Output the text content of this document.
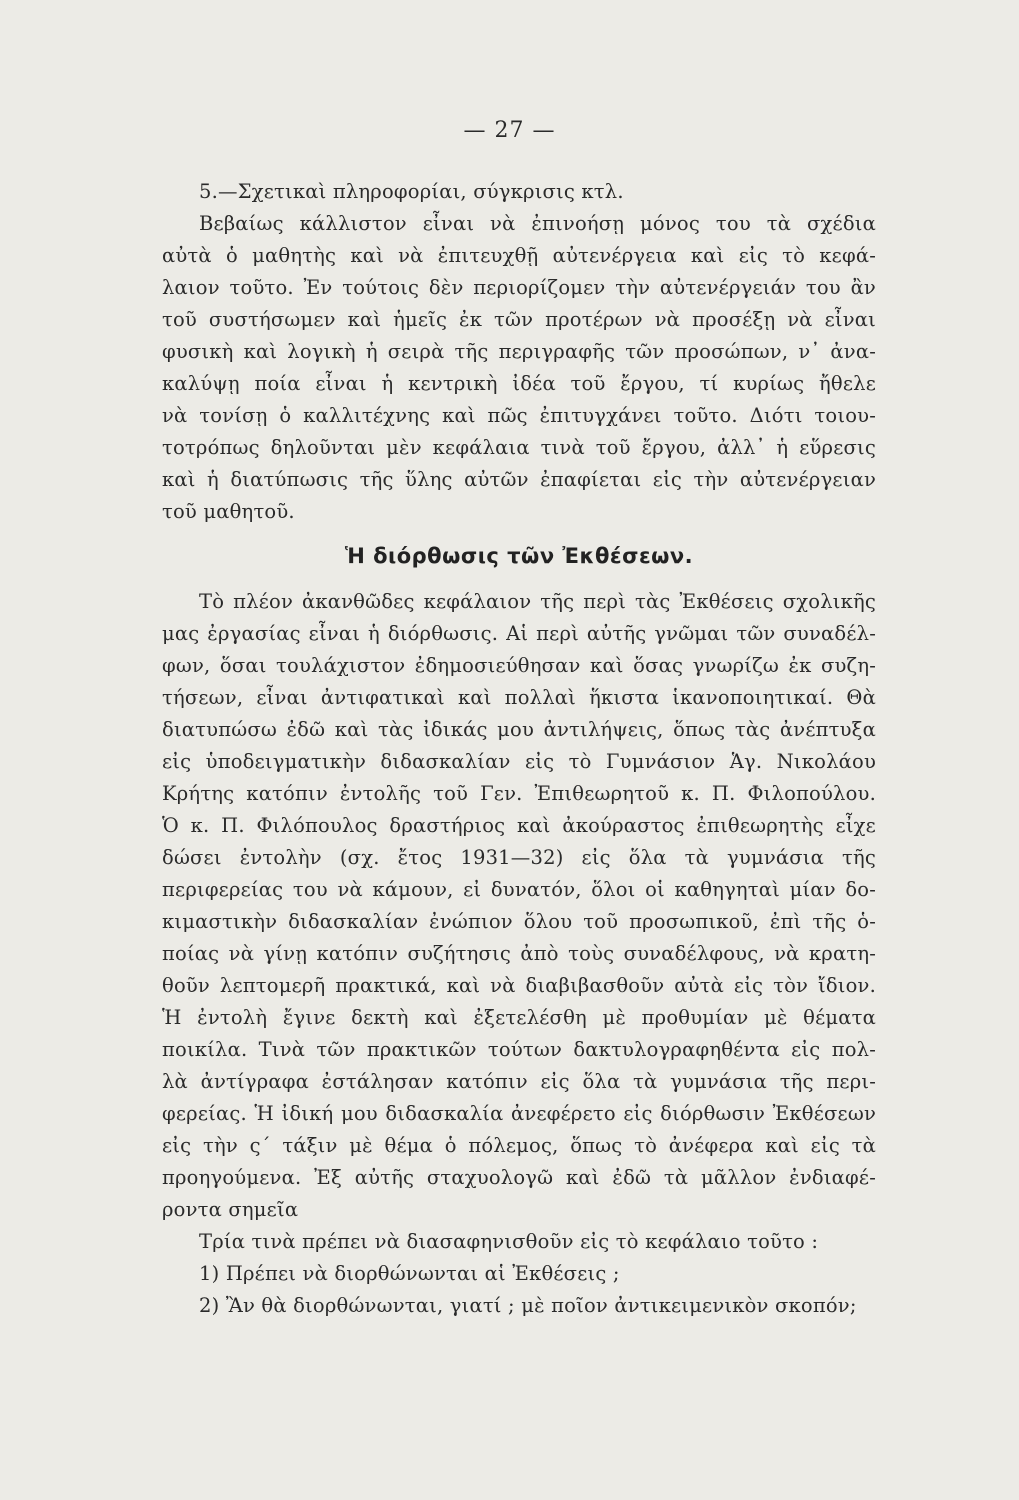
— 27 —
5.—Σχετικαὶ πληροφορίαι, σύγκρισις κτλ.
Βεβαίως κάλλιστον εἶναι νὰ ἐπινοήσῃ μόνος του τὰ σχέδια
αὐτὰ ὁ μαθητὴς καὶ νὰ ἐπιτευχθῇ αὐτενέργεια καὶ εἰς τὸ κεφά-
λαιον τοῦτο. Ἐν τούτοις δὲν περιορίζομεν τὴν αὐτενέργειάν του ἂν
τοῦ συστήσωμεν καὶ ἡμεῖς ἐκ τῶν προτέρων νὰ προσέξῃ νὰ εἶναι
φυσικὴ καὶ λογικὴ ἡ σειρὰ τῆς περιγραφῆς τῶν προσώπων, ν᾽ ἀνα-
καλύψῃ ποία εἶναι ἡ κεντρικὴ ἰδέα τοῦ ἔργου, τί κυρίως ἤθελε
νὰ τονίσῃ ὁ καλλιτέχνης καὶ πῶς ἐπιτυγχάνει τοῦτο. Διότι τοιου-
τοτρόπως δηλοῦνται μὲν κεφάλαια τινὰ τοῦ ἔργου, ἀλλ᾽ ἡ εὕρεσις
καὶ ἡ διατύπωσις τῆς ὕλης αὐτῶν ἐπαφίεται εἰς τὴν αὐτενέργειαν
τοῦ μαθητοῦ.
Ἡ διόρθωσις τῶν Ἐκθέσεων.
Τὸ πλέον ἀκανθῶδες κεφάλαιον τῆς περὶ τὰς Ἐκθέσεις σχολικῆς
μας ἐργασίας εἶναι ἡ διόρθωσις. Αἱ περὶ αὐτῆς γνῶμαι τῶν συναδέλ-
φων, ὅσαι τουλάχιστον ἐδημοσιεύθησαν καὶ ὅσας γνωρίζω ἐκ συζη-
τήσεων, εἶναι ἀντιφατικαὶ καὶ πολλαὶ ἥκιστα ἱκανοποιητικαί. Θὰ
διατυπώσω ἐδῶ καὶ τὰς ἰδικάς μου ἀντιλήψεις, ὅπως τὰς ἀνέπτυξα
εἰς ὑποδειγματικὴν διδασκαλίαν εἰς τὸ Γυμνάσιον Ἁγ. Νικολάου
Κρήτης κατόπιν ἐντολῆς τοῦ Γεν. Ἐπιθεωρητοῦ κ. Π. Φιλοπούλου.
Ὁ κ. Π. Φιλόπουλος δραστήριος καὶ ἀκούραστος ἐπιθεωρητὴς εἶχε
δώσει ἐντολὴν (σχ. ἔτος 1931—32) εἰς ὅλα τὰ γυμνάσια τῆς
περιφερείας του νὰ κάμουν, εἰ δυνατόν, ὅλοι οἱ καθηγηταὶ μίαν δο-
κιμαστικὴν διδασκαλίαν ἐνώπιον ὅλου τοῦ προσωπικοῦ, ἐπὶ τῆς ὁ-
ποίας νὰ γίνῃ κατόπιν συζήτησις ἀπὸ τοὺς συναδέλφους, νὰ κρατη-
θοῦν λεπτομερῆ πρακτικά, καὶ νὰ διαβιβασθοῦν αὐτὰ εἰς τὸν ἴδιον.
Ἡ ἐντολὴ ἔγινε δεκτὴ καὶ ἐξετελέσθη μὲ προθυμίαν μὲ θέματα
ποικίλα. Τινὰ τῶν πρακτικῶν τούτων δακτυλογραφηθέντα εἰς πολ-
λὰ ἀντίγραφα ἐστάλησαν κατόπιν εἰς ὅλα τὰ γυμνάσια τῆς περι-
φερείας. Ἡ ἰδική μου διδασκαλία ἀνεφέρετο εἰς διόρθωσιν Ἐκθέσεων
εἰς τὴν ς΄ τάξιν μὲ θέμα ὁ πόλεμος, ὅπως τὸ ἀνέφερα καὶ εἰς τὰ
προηγούμενα. Ἐξ αὐτῆς σταχυολογῶ καὶ ἐδῶ τὰ μᾶλλον ἐνδιαφέ-
ροντα σημεῖα
Τρία τινὰ πρέπει νὰ διασαφηνισθοῦν εἰς τὸ κεφάλαιο τοῦτο :
1) Πρέπει νὰ διορθώνωνται αἱ Ἐκθέσεις ;
2) Ἂν θὰ διορθώνωνται, γιατί ; μὲ ποῖον ἀντικειμενικὸν σκοπόν;
